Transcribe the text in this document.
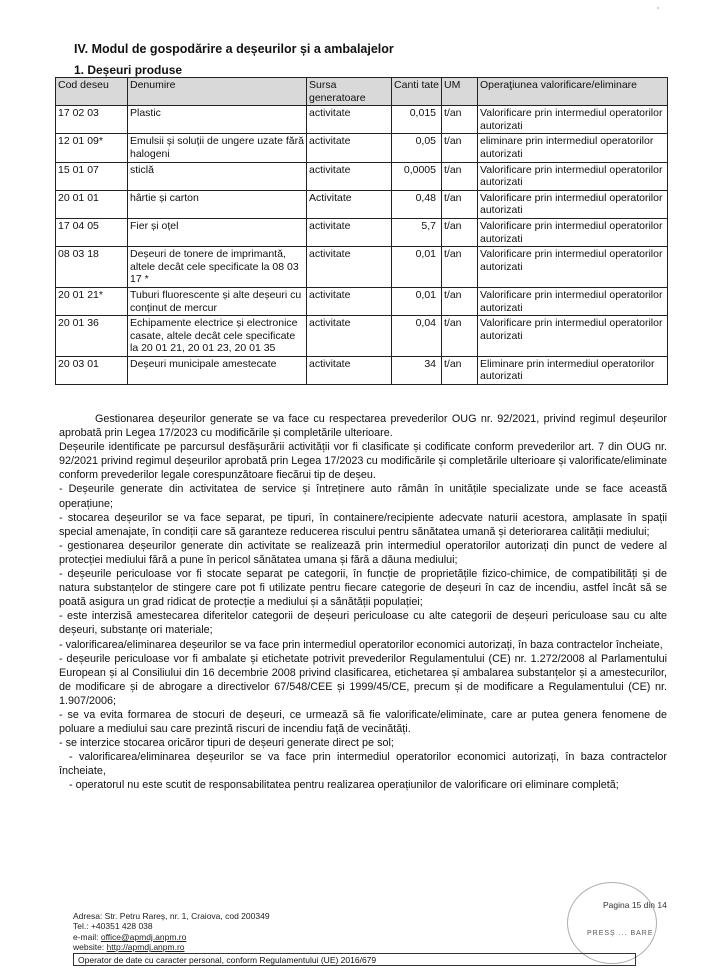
'
IV. Modul de gospodărire a deșeurilor și a ambalajelor
1. Deșeuri produse
Cod deseu	Denumire	Sursa generatoare	Canti tate	UM	Operaţiunea valorificare/eliminare
17 02 03	Plastic	activitate	0,015	t/an	Valorificare prin intermediul operatorilor autorizati
12 01 09*	Emulsii și soluții de ungere uzate fără halogeni	activitate	0,05	t/an	eliminare prin intermediul operatorilor autorizati
15 01 07	sticlă	activitate	0,0005	t/an	Valorificare prin intermediul operatorilor autorizati
20 01 01	hârtie și carton	Activitate	0,48	t/an	Valorificare prin intermediul operatorilor autorizati
17 04 05	Fier și oțel	activitate	5,7	t/an	Valorificare prin intermediul operatorilor autorizati
08 03 18	Deșeuri de tonere de imprimantă, altele decât cele specificate la 08 03 17 *	activitate	0,01	t/an	Valorificare prin intermediul operatorilor autorizati
20 01 21*	Tuburi fluorescente și alte deșeuri cu conținut de mercur	activitate	0,01	t/an	Valorificare prin intermediul operatorilor autorizati
20 01 36	Echipamente electrice și electronice casate, altele decât cele specificate la 20 01 21, 20 01 23, 20 01 35	activitate	0,04	t/an	Valorificare prin intermediul operatorilor autorizati
20 03 01	Deșeuri municipale amestecate	activitate	34	t/an	Eliminare prin intermediul operatorilor autorizati

Gestionarea deșeurilor generate se va face cu respectarea prevederilor OUG nr. 92/2021, privind regimul deșeurilor aprobată prin Legea 17/2023 cu modificările și completările ulterioare.

Deșeurile identificate pe parcursul desfășurării activității vor fi clasificate și codificate conform prevederilor art. 7 din OUG nr. 92/2021 privind regimul deșeurilor aprobată prin Legea 17/2023 cu modificările și completările ulterioare și valorificate/eliminate conform prevederilor legale corespunzătoare fiecărui tip de deșeu.

- Deșeurile generate din activitatea de service și întreținere auto rămân în unitățile specializate unde se face această operațiune;

- stocarea deșeurilor se va face separat, pe tipuri, în containere/recipiente adecvate naturii acestora, amplasate în spații special amenajate, în condiții care să garanteze reducerea riscului pentru sănătatea umană și deteriorarea calității mediului;

- gestionarea deșeurilor generate din activitate se realizează prin intermediul operatorilor autorizați din punct de vedere al protecției mediului fără a pune în pericol sănătatea umana și fără a dăuna mediului;

- deșeurile periculoase vor fi stocate separat pe categorii, în funcție de proprietățile fizico-chimice, de compatibilități și de natura substanțelor de stingere care pot fi utilizate pentru fiecare categorie de deșeuri în caz de incendiu, astfel încât să se poată asigura un grad ridicat de protecție a mediului și a sănătății populației;

- este interzisă amestecarea diferitelor categorii de deșeuri periculoase cu alte categorii de deșeuri periculoase sau cu alte deșeuri, substanțe ori materiale;

- valorificarea/eliminarea deșeurilor se va face prin intermediul operatorilor economici autorizați, în baza contractelor încheiate,

- deșeurile periculoase vor fi ambalate și etichetate potrivit prevederilor Regulamentului (CE) nr. 1.272/2008 al Parlamentului European și al Consiliului din 16 decembrie 2008 privind clasificarea, etichetarea și ambalarea substanțelor și a amestecurilor, de modificare și de abrogare a directivelor 67/548/CEE și 1999/45/CE, precum și de modificare a Regulamentului (CE) nr. 1.907/2006;

- se va evita formarea de stocuri de deșeuri, ce urmează să fie valorificate/eliminate, care ar putea genera fenomene de poluare a mediului sau care prezintă riscuri de incendiu față de vecinătăți.

- se interzice stocarea oricăror tipuri de deșeuri generate direct pe sol;

- valorificarea/eliminarea deșeurilor se va face prin intermediul operatorilor economici autorizați, în baza contractelor încheiate,

- operatorul nu este scutit de responsabilitatea pentru realizarea operațiunilor de valorificare ori eliminare completă;

PRESȘ ... BARE
Pagina 15 din 14
Adresa: Str. Petru Rareș, nr. 1, Craiova, cod 200349
Tel.: +40351 428 038
e-mail: office@apmdj.anpm.ro
website: http://apmdj.anpm.ro
Operator de date cu caracter personal, conform Regulamentului (UE) 2016/679
